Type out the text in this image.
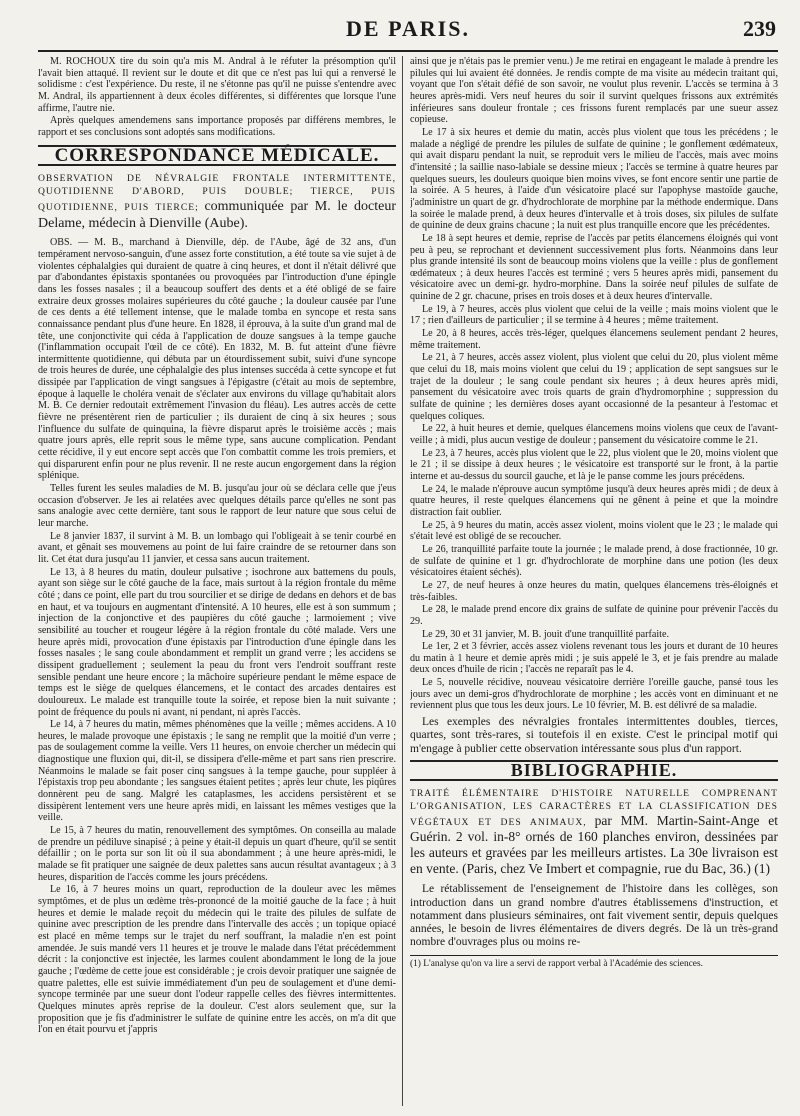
DE PARIS.	239

M. ROCHOUX tire du soin qu'a mis M. Andral à le réfuter la présomption qu'il l'avait bien attaqué. Il revient sur le doute et dit que ce n'est pas lui qui a renversé le solidisme : c'est l'expérience. Du reste, il ne s'étonne pas qu'il ne puisse s'entendre avec M. Andral, ils appartiennent à deux écoles différentes, si différentes que lorsque l'une affirme, l'autre nie.

Après quelques amendemens sans importance proposés par différens membres, le rapport et ses conclusions sont adoptés sans modifications.

CORRESPONDANCE MÉDICALE.
OBSERVATION DE NÉVRALGIE FRONTALE INTERMITTENTE, QUOTIDIENNE D'ABORD, PUIS DOUBLE; TIERCE, PUIS QUOTIDIENNE, PUIS TIERCE; communiquée par M. le docteur Delame, médecin à Dienville (Aube).

OBS. — M. B., marchand à Dienville, dép. de l'Aube, âgé de 32 ans, d'un tempérament nervoso-sanguin, d'une assez forte constitution, a été toute sa vie sujet à de violentes céphalalgies qui duraient de quatre à cinq heures, et dont il n'était délivré que par d'abondantes épistaxis spontanées ou provoquées par l'introduction d'une épingle dans les fosses nasales ; il a beaucoup souffert des dents et a été obligé de se faire extraire deux grosses molaires supérieures du côté gauche ; la douleur causée par l'une de ces dents a été tellement intense, que le malade tomba en syncope et resta sans connaissance pendant plus d'une heure. En 1828, il éprouva, à la suite d'un grand mal de tête, une conjonctivite qui céda à l'application de douze sangsues à la tempe gauche (l'inflammation occupait l'œil de ce côté). En 1832, M. B. fut atteint d'une fièvre intermittente quotidienne, qui débuta par un étourdissement subit, suivi d'une syncope de trois heures de durée, une céphalalgie des plus intenses succéda à cette syncope et fut dissipée par l'application de vingt sangsues à l'épigastre (c'était au mois de septembre, époque à laquelle le choléra venait de s'éclater aux environs du village qu'habitait alors M. B. Ce dernier redoutait extrêmement l'invasion du fléau). Les autres accès de cette fièvre ne présentèrent rien de particulier ; ils duraient de cinq à six heures ; sous l'influence du sulfate de quinquina, la fièvre disparut après le troisième accès ; mais quatre jours après, elle reprit sous le même type, sans aucune complication. Pendant cette récidive, il y eut encore sept accès que l'on combattit comme les trois premiers, et qui disparurent enfin pour ne plus revenir. Il ne reste aucun engorgement dans la région splénique.

Telles furent les seules maladies de M. B. jusqu'au jour où se déclara celle que j'eus occasion d'observer. Je les ai relatées avec quelques détails parce qu'elles ne sont pas sans analogie avec cette dernière, tant sous le rapport de leur nature que sous celui de leur marche.

Le 8 janvier 1837, il survint à M. B. un lombago qui l'obligeait à se tenir courbé en avant, et gênait ses mouvemens au point de lui faire craindre de se retourner dans son lit. Cet état dura jusqu'au 11 janvier, et cessa sans aucun traitement.

Le 13, à 8 heures du matin, douleur pulsative ; isochrone aux battemens du pouls, ayant son siège sur le côté gauche de la face, mais surtout à la région frontale du même côté ; dans ce point, elle part du trou sourcilier et se dirige de dedans en dehors et de bas en haut, et va toujours en augmentant d'intensité. A 10 heures, elle est à son summum ; injection de la conjonctive et des paupières du côté gauche ; larmoiement ; vive sensibilité au toucher et rougeur légère à la région frontale du côté malade. Vers une heure après midi, provocation d'une épistaxis par l'introduction d'une épingle dans les fosses nasales ; le sang coule abondamment et remplit un grand verre ; les accidens se dissipent graduellement ; seulement la peau du front vers l'endroit souffrant reste sensible pendant une heure encore ; la mâchoire supérieure pendant le même espace de temps est le siège de quelques élancemens, et le contact des arcades dentaires est douloureux. Le malade est tranquille toute la soirée, et repose bien la nuit suivante ; point de fréquence du pouls ni avant, ni pendant, ni après l'accès.

Le 14, à 7 heures du matin, mêmes phénomènes que la veille ; mêmes accidens. A 10 heures, le malade provoque une épistaxis ; le sang ne remplit que la moitié d'un verre ; pas de soulagement comme la veille. Vers 11 heures, on envoie chercher un médecin qui diagnostique une fluxion qui, dit-il, se dissipera d'elle-même et part sans rien prescrire. Néanmoins le malade se fait poser cinq sangsues à la tempe gauche, pour suppléer à l'épistaxis trop peu abondante ; les sangsues étaient petites ; après leur chute, les piqûres donnèrent peu de sang. Malgré les cataplasmes, les accidens persistèrent et se dissipèrent lentement vers une heure après midi, en laissant les mêmes vestiges que la veille.

Le 15, à 7 heures du matin, renouvellement des symptômes. On conseilla au malade de prendre un pédiluve sinapisé ; à peine y était-il depuis un quart d'heure, qu'il se sentit défaillir ; on le porta sur son lit où il sua abondamment ; à une heure après-midi, le malade se fit pratiquer une saignée de deux palettes sans aucun résultat avantageux ; à 3 heures, disparition de l'accès comme les jours précédens.

Le 16, à 7 heures moins un quart, reproduction de la douleur avec les mêmes symptômes, et de plus un œdème très-prononcé de la moitié gauche de la face ; à huit heures et demie le malade reçoit du médecin qui le traite des pilules de sulfate de quinine avec prescription de les prendre dans l'intervalle des accès ; un topique opiacé est placé en même temps sur le trajet du nerf souffrant, la maladie n'en est point amendée. Je suis mandé vers 11 heures et je trouve le malade dans l'état précédemment décrit : la conjonctive est injectée, les larmes coulent abondamment le long de la joue gauche ; l'œdème de cette joue est considérable ; je crois devoir pratiquer une saignée de quatre palettes, elle est suivie immédiatement d'un peu de soulagement et d'une demi-syncope terminée par une sueur dont l'odeur rappelle celles des fièvres intermittentes. Quelques minutes après reprise de la douleur. C'est alors seulement que, sur la proposition que je fis d'administrer le sulfate de quinine entre les accès, on m'a dit que l'on en était pourvu et j'appris

ainsi que je n'étais pas le premier venu.) Je me retirai en engageant le malade à prendre les pilules qui lui avaient été données. Je rendis compte de ma visite au médecin traitant qui, voyant que l'on s'était défié de son savoir, ne voulut plus revenir. L'accès se termina à 3 heures après-midi. Vers neuf heures du soir il survint quelques frissons aux extrémités inférieures sans douleur frontale ; ces frissons furent remplacés par une sueur assez copieuse.

Le 17 à six heures et demie du matin, accès plus violent que tous les précédens ; le malade a négligé de prendre les pilules de sulfate de quinine ; le gonflement œdémateux, qui avait disparu pendant la nuit, se reproduit vers le milieu de l'accès, mais avec moins d'intensité ; la saillie naso-labiale se dessine mieux ; l'accès se termine à quatre heures par quelques sueurs, les douleurs quoique bien moins vives, se font encore sentir une partie de la soirée. A 5 heures, à l'aide d'un vésicatoire placé sur l'apophyse mastoïde gauche, j'administre un quart de gr. d'hydrochlorate de morphine par la méthode endermique. Dans la soirée le malade prend, à deux heures d'intervalle et à trois doses, six pilules de sulfate de quinine de deux grains chacune ; la nuit est plus tranquille encore que les précédentes.

Le 18 à sept heures et demie, reprise de l'accès par petits élancemens éloignés qui vont peu à peu, se reprochant et deviennent successivement plus forts. Néanmoins dans leur plus grande intensité ils sont de beaucoup moins violens que la veille : plus de gonflement œdémateux ; à deux heures l'accès est terminé ; vers 5 heures après midi, pansement du vésicatoire avec un demi-gr. hydro-morphine. Dans la soirée neuf pilules de sulfate de quinine de 2 gr. chacune, prises en trois doses et à deux heures d'intervalle.

Le 19, à 7 heures, accès plus violent que celui de la veille ; mais moins violent que le 17 ; rien d'ailleurs de particulier ; il se termine à 4 heures ; même traitement.

Le 20, à 8 heures, accès très-léger, quelques élancemens seulement pendant 2 heures, même traitement.

Le 21, à 7 heures, accès assez violent, plus violent que celui du 20, plus violent même que celui du 18, mais moins violent que celui du 19 ; application de sept sangsues sur le trajet de la douleur ; le sang coule pendant six heures ; à deux heures après midi, pansement du vésicatoire avec trois quarts de grain d'hydromorphine ; suppression du sulfate de quinine ; les dernières doses ayant occasionné de la pesanteur à l'estomac et quelques coliques.

Le 22, à huit heures et demie, quelques élancemens moins violens que ceux de l'avant-veille ; à midi, plus aucun vestige de douleur ; pansement du vésicatoire comme le 21.

Le 23, à 7 heures, accès plus violent que le 22, plus violent que le 20, moins violent que le 21 ; il se dissipe à deux heures ; le vésicatoire est transporté sur le front, à la partie interne et au-dessus du sourcil gauche, et là je le panse comme les jours précédens.

Le 24, le malade n'éprouve aucun symptôme jusqu'à deux heures après midi ; de deux à quatre heures, il reste quelques élancemens qui ne gênent à peine et que la moindre distraction fait oublier.

Le 25, à 9 heures du matin, accès assez violent, moins violent que le 23 ; le malade qui s'était levé est obligé de se recoucher.

Le 26, tranquillité parfaite toute la journée ; le malade prend, à dose fractionnée, 10 gr. de sulfate de quinine et 1 gr. d'hydrochlorate de morphine dans une potion (les deux vésicatoires étaient séchés).

Le 27, de neuf heures à onze heures du matin, quelques élancemens très-éloignés et très-faibles.

Le 28, le malade prend encore dix grains de sulfate de quinine pour prévenir l'accès du 29.

Le 29, 30 et 31 janvier, M. B. jouit d'une tranquillité parfaite.

Le 1er, 2 et 3 février, accès assez violens revenant tous les jours et durant de 10 heures du matin à 1 heure et demie après midi ; je suis appelé le 3, et je fais prendre au malade deux onces d'huile de ricin ; l'accès ne reparaît pas le 4.

Le 5, nouvelle récidive, nouveau vésicatoire derrière l'oreille gauche, pansé tous les jours avec un demi-gros d'hydrochlorate de morphine ; les accès vont en diminuant et ne reviennent plus que tous les deux jours. Le 10 février, M. B. est délivré de sa maladie.

Les exemples des névralgies frontales intermittentes doubles, tierces, quartes, sont très-rares, si toutefois il en existe. C'est le principal motif qui m'engage à publier cette observation intéressante sous plus d'un rapport.

BIBLIOGRAPHIE.
TRAITÉ ÉLÉMENTAIRE D'HISTOIRE NATURELLE COMPRENANT L'ORGANISATION, LES CARACTÈRES ET LA CLASSIFICATION DES VÉGÉTAUX ET DES ANIMAUX, par MM. Martin-Saint-Ange et Guérin. 2 vol. in-8° ornés de 160 planches environ, dessinées par les auteurs et gravées par les meilleurs artistes. La 30e livraison est en vente. (Paris, chez Ve Imbert et compagnie, rue du Bac, 36.) (1)

Le rétablissement de l'enseignement de l'histoire dans les collèges, son introduction dans un grand nombre d'autres établissemens d'instruction, et notamment dans plusieurs séminaires, ont fait vivement sentir, depuis quelques années, le besoin de livres élémentaires de divers degrés. De là un très-grand nombre d'ouvrages plus ou moins re-

(1) L'analyse qu'on va lire a servi de rapport verbal à l'Académie des sciences.
